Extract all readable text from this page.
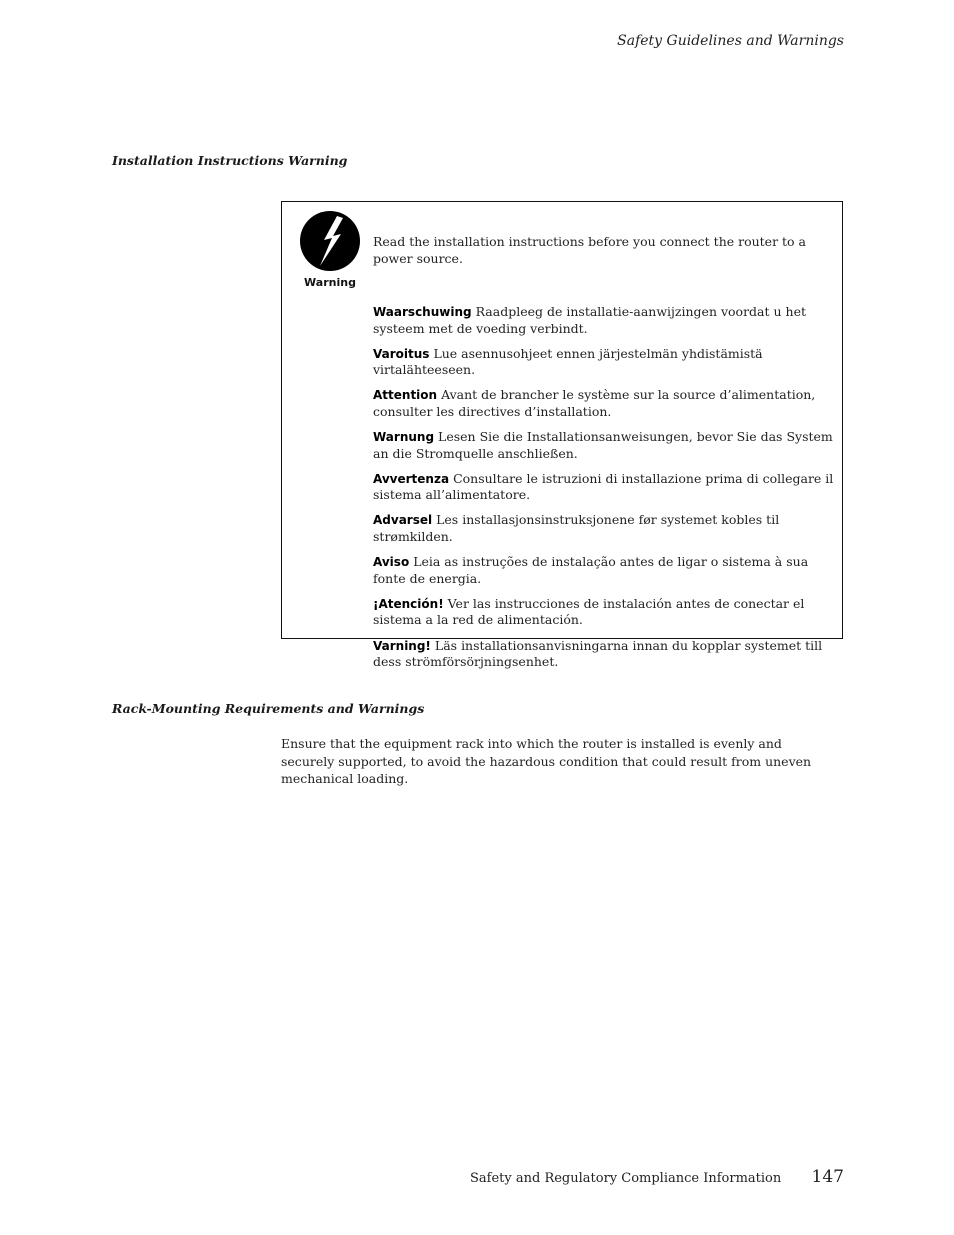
Safety Guidelines and Warnings
Installation Instructions Warning
Warning
Read the installation instructions before you connect the router to a power source.

Waarschuwing Raadpleeg de installatie-aanwijzingen voordat u het systeem met de voeding verbindt.

Varoitus Lue asennusohjeet ennen järjestelmän yhdistämistä virtalähteeseen.

Attention Avant de brancher le système sur la source d’alimentation, consulter les directives d’installation.

Warnung Lesen Sie die Installationsanweisungen, bevor Sie das System an die Stromquelle anschließen.

Avvertenza Consultare le istruzioni di installazione prima di collegare il sistema all’alimentatore.

Advarsel Les installasjonsinstruksjonene før systemet kobles til strømkilden.

Aviso Leia as instruções de instalação antes de ligar o sistema à sua fonte de energia.

¡Atención! Ver las instrucciones de instalación antes de conectar el sistema a la red de alimentación.

Varning! Läs installationsanvisningarna innan du kopplar systemet till dess strömförsörjningsenhet.

Rack-Mounting Requirements and Warnings

Ensure that the equipment rack into which the router is installed is evenly and securely supported, to avoid the hazardous condition that could result from uneven mechanical loading.

Safety and Regulatory Compliance Information 147
